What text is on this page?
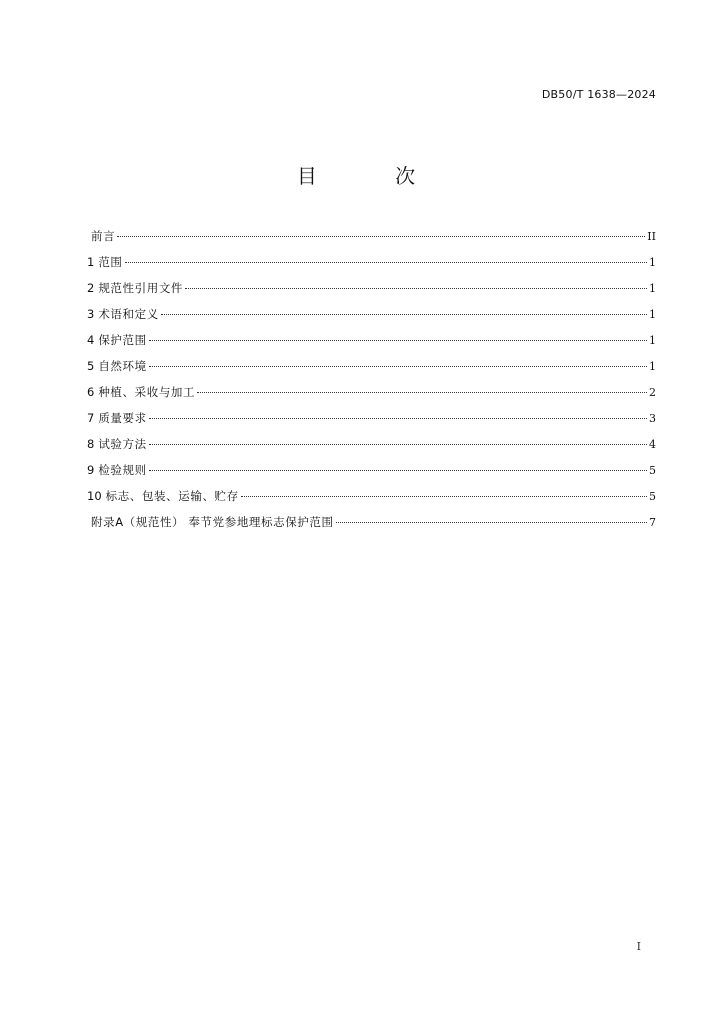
DB50/T 1638—2024
目 次
前言	II
1 范围	1
2 规范性引用文件	1
3 术语和定义	1
4 保护范围	1
5 自然环境	1
6 种植、采收与加工	2
7 质量要求	3
8 试验方法	4
9 检验规则	5
10 标志、包装、运输、贮存	5
附录A（规范性） 奉节党参地理标志保护范围	7
I
